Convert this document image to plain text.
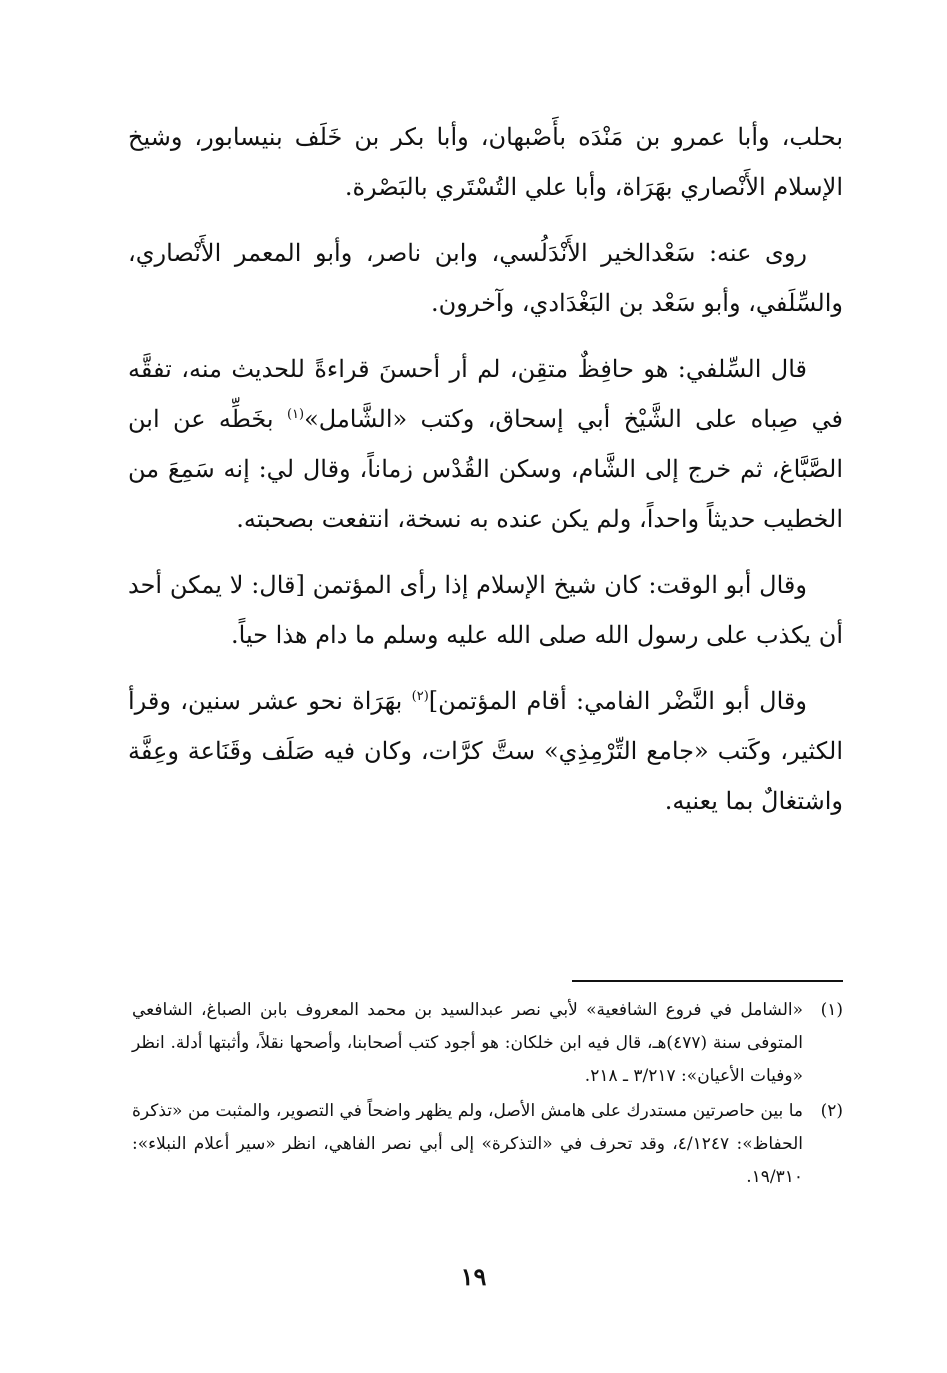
بحلب، وأبا عمرو بن مَنْدَه بأَصْبهان، وأبا بكر بن خَلَف بنيسابور، وشيخ الإسلام الأَنْصاري بهَرَاة، وأبا علي التُسْتَري بالبَصْرة.

روى عنه: سَعْدالخير الأَنْدَلُسي، وابن ناصر، وأبو المعمر الأَنْصاري، والسِّلَفي، وأبو سَعْد بن البَغْدَادي، وآخرون.

قال السِّلفي: هو حافِظٌ متقِن، لم أر أحسنَ قراءةً للحديث منه، تفقَّه في صِباه على الشَّيْخ أبي إسحاق، وكتب «الشَّامل»$^{(١)}$ بخَطِّه عن ابن الصَّبَّاغ، ثم خرج إلى الشَّام، وسكن القُدْس زماناً، وقال لي: إنه سَمِعَ من الخطيب حديثاً واحداً، ولم يكن عنده به نسخة، انتفعت بصحبته.

وقال أبو الوقت: كان شيخ الإسلام إذا رأى المؤتمن [قال: لا يمكن أحد أن يكذب على رسول الله صلى الله عليه وسلم ما دام هذا حياً.

وقال أبو النَّضْر الفامي: أقام المؤتمن]$^{(٢)}$ بهَرَاة نحو عشر سنين، وقرأ الكثير، وكَتب «جامع التِّرْمِذِي» ستَّ كرَّات، وكان فيه صَلَف وقَنَاعة وعِفَّة واشتغالٌ بما يعنيه.

(١)
«الشامل في فروع الشافعية» لأبي نصر عبدالسيد بن محمد المعروف بابن الصباغ، الشافعي المتوفى سنة (٤٧٧)هـ، قال فيه ابن خلكان: هو أجود كتب أصحابنا، وأصحها نقلاً، وأثبتها أدلة. انظر «وفيات الأعيان»: ٣/٢١٧ ـ ٢١٨.
(٢)
ما بين حاصرتين مستدرك على هامش الأصل، ولم يظهر واضحاً في التصوير، والمثبت من «تذكرة الحفاظ»: ٤/١٢٤٧، وقد تحرف في «التذكرة» إلى أبي نصر الفاهي، انظر «سير أعلام النبلاء»: ١٩/٣١٠.
١٩
